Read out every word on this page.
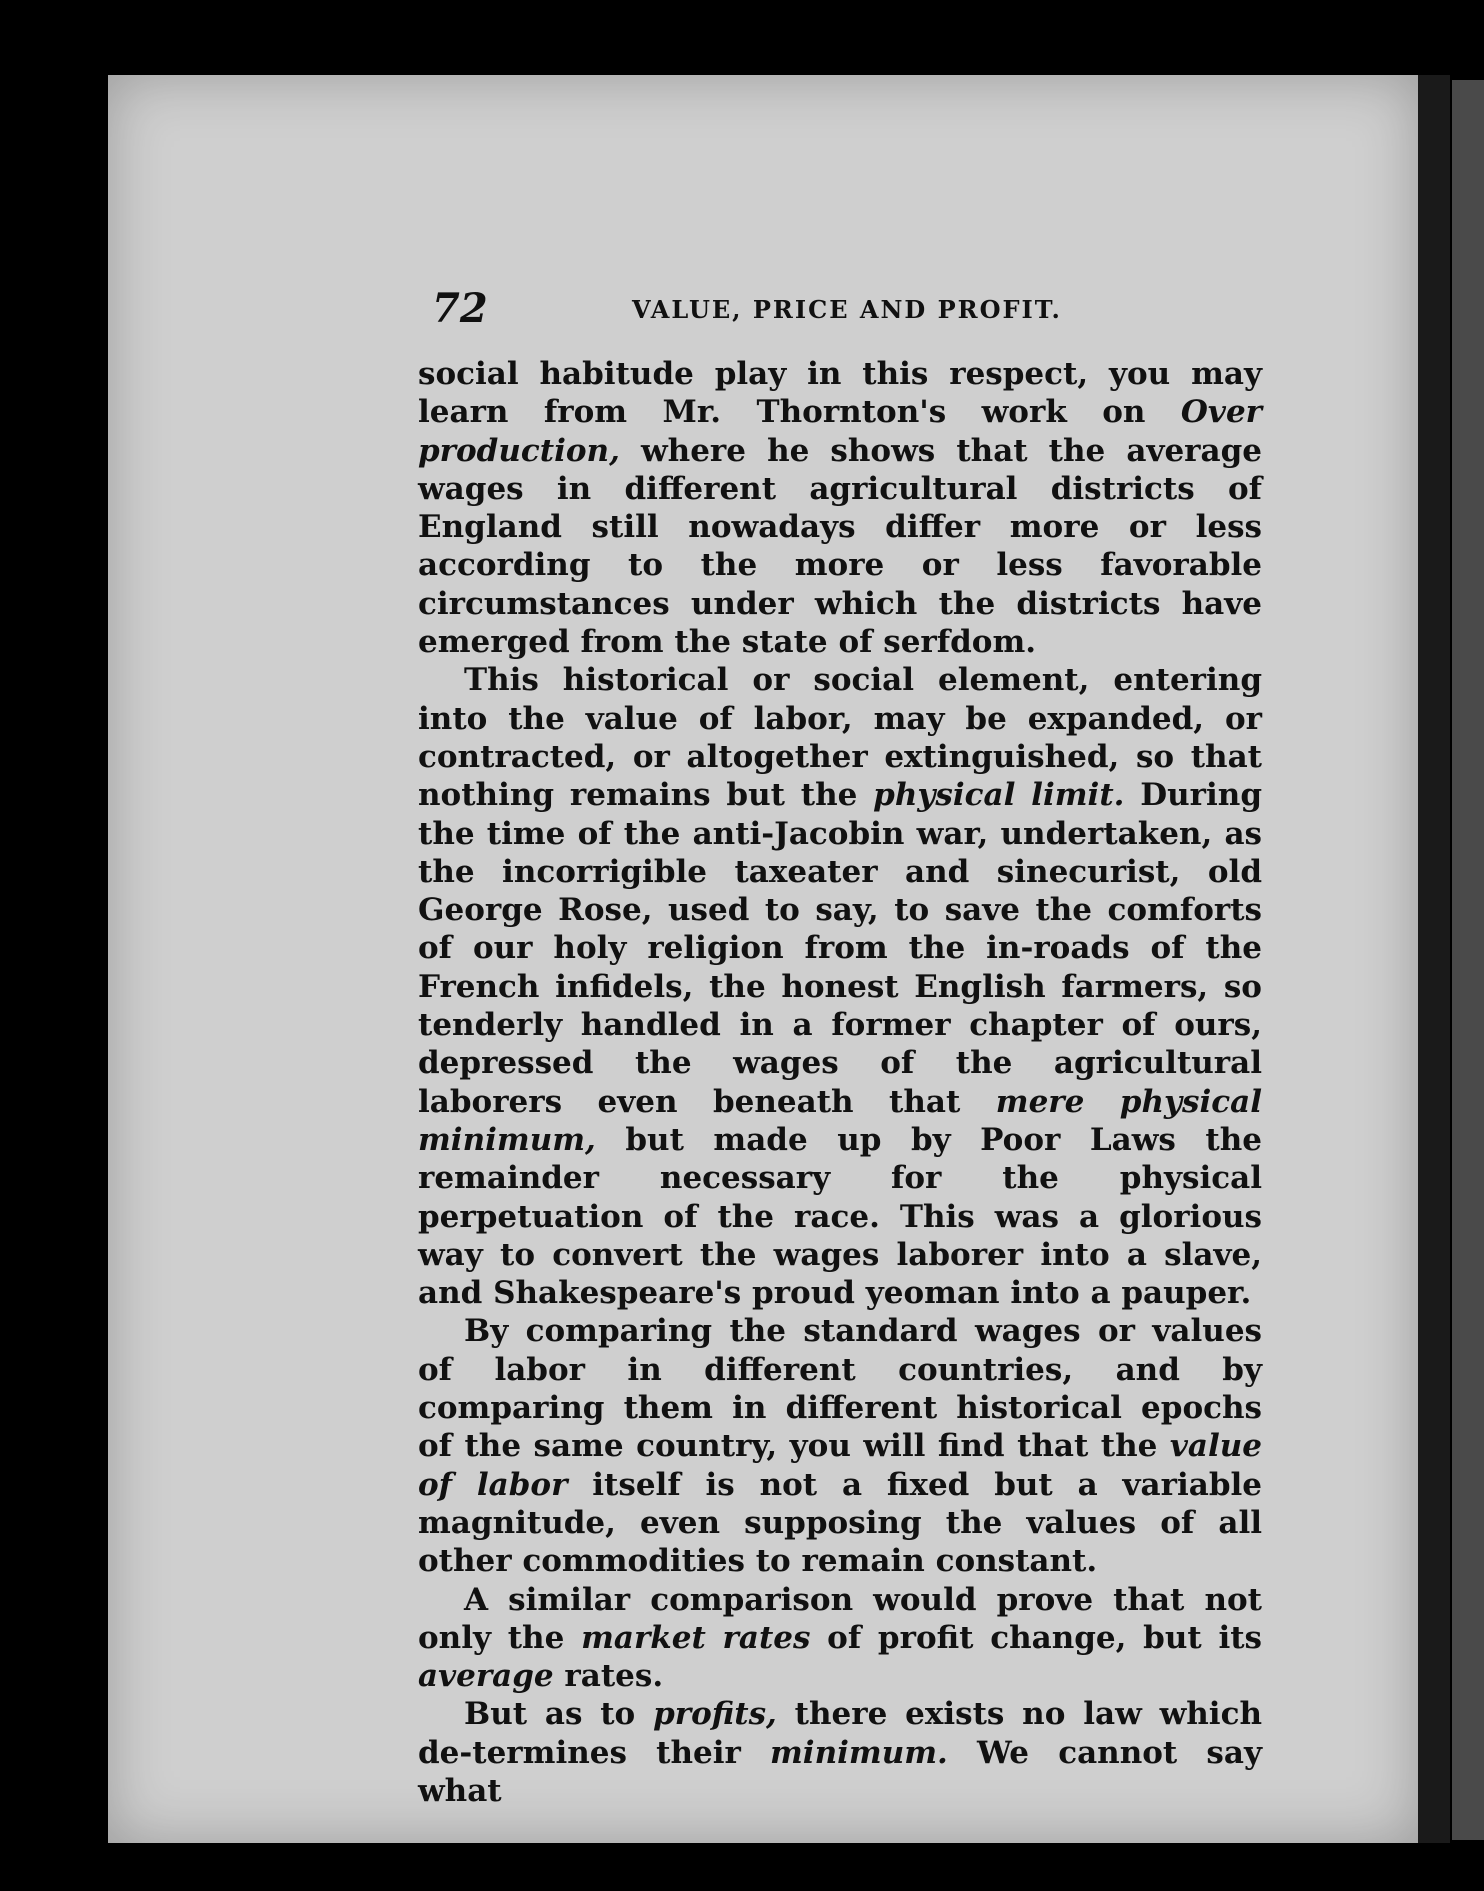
72	VALUE, PRICE AND PROFIT.

social habitude play in this respect, you may learn from Mr. Thornton's work on Over production, where he shows that the average wages in different agricultural districts of England still nowadays differ more or less according to the more or less favorable circumstances under which the districts have emerged from the state of serfdom.

This historical or social element, entering into the value of labor, may be expanded, or contracted, or altogether extinguished, so that nothing remains but the physical limit. During the time of the anti-Jacobin war, undertaken, as the incorrigible taxeater and sinecurist, old George Rose, used to say, to save the comforts of our holy religion from the in-roads of the French infidels, the honest English farmers, so tenderly handled in a former chapter of ours, depressed the wages of the agricultural laborers even beneath that mere physical minimum, but made up by Poor Laws the remainder necessary for the physical perpetuation of the race. This was a glorious way to convert the wages laborer into a slave, and Shakespeare's proud yeoman into a pauper.

By comparing the standard wages or values of labor in different countries, and by comparing them in different historical epochs of the same country, you will find that the value of labor itself is not a fixed but a variable magnitude, even supposing the values of all other commodities to remain constant.

A similar comparison would prove that not only the market rates of profit change, but its average rates.

But as to profits, there exists no law which de-termines their minimum. We cannot say what
